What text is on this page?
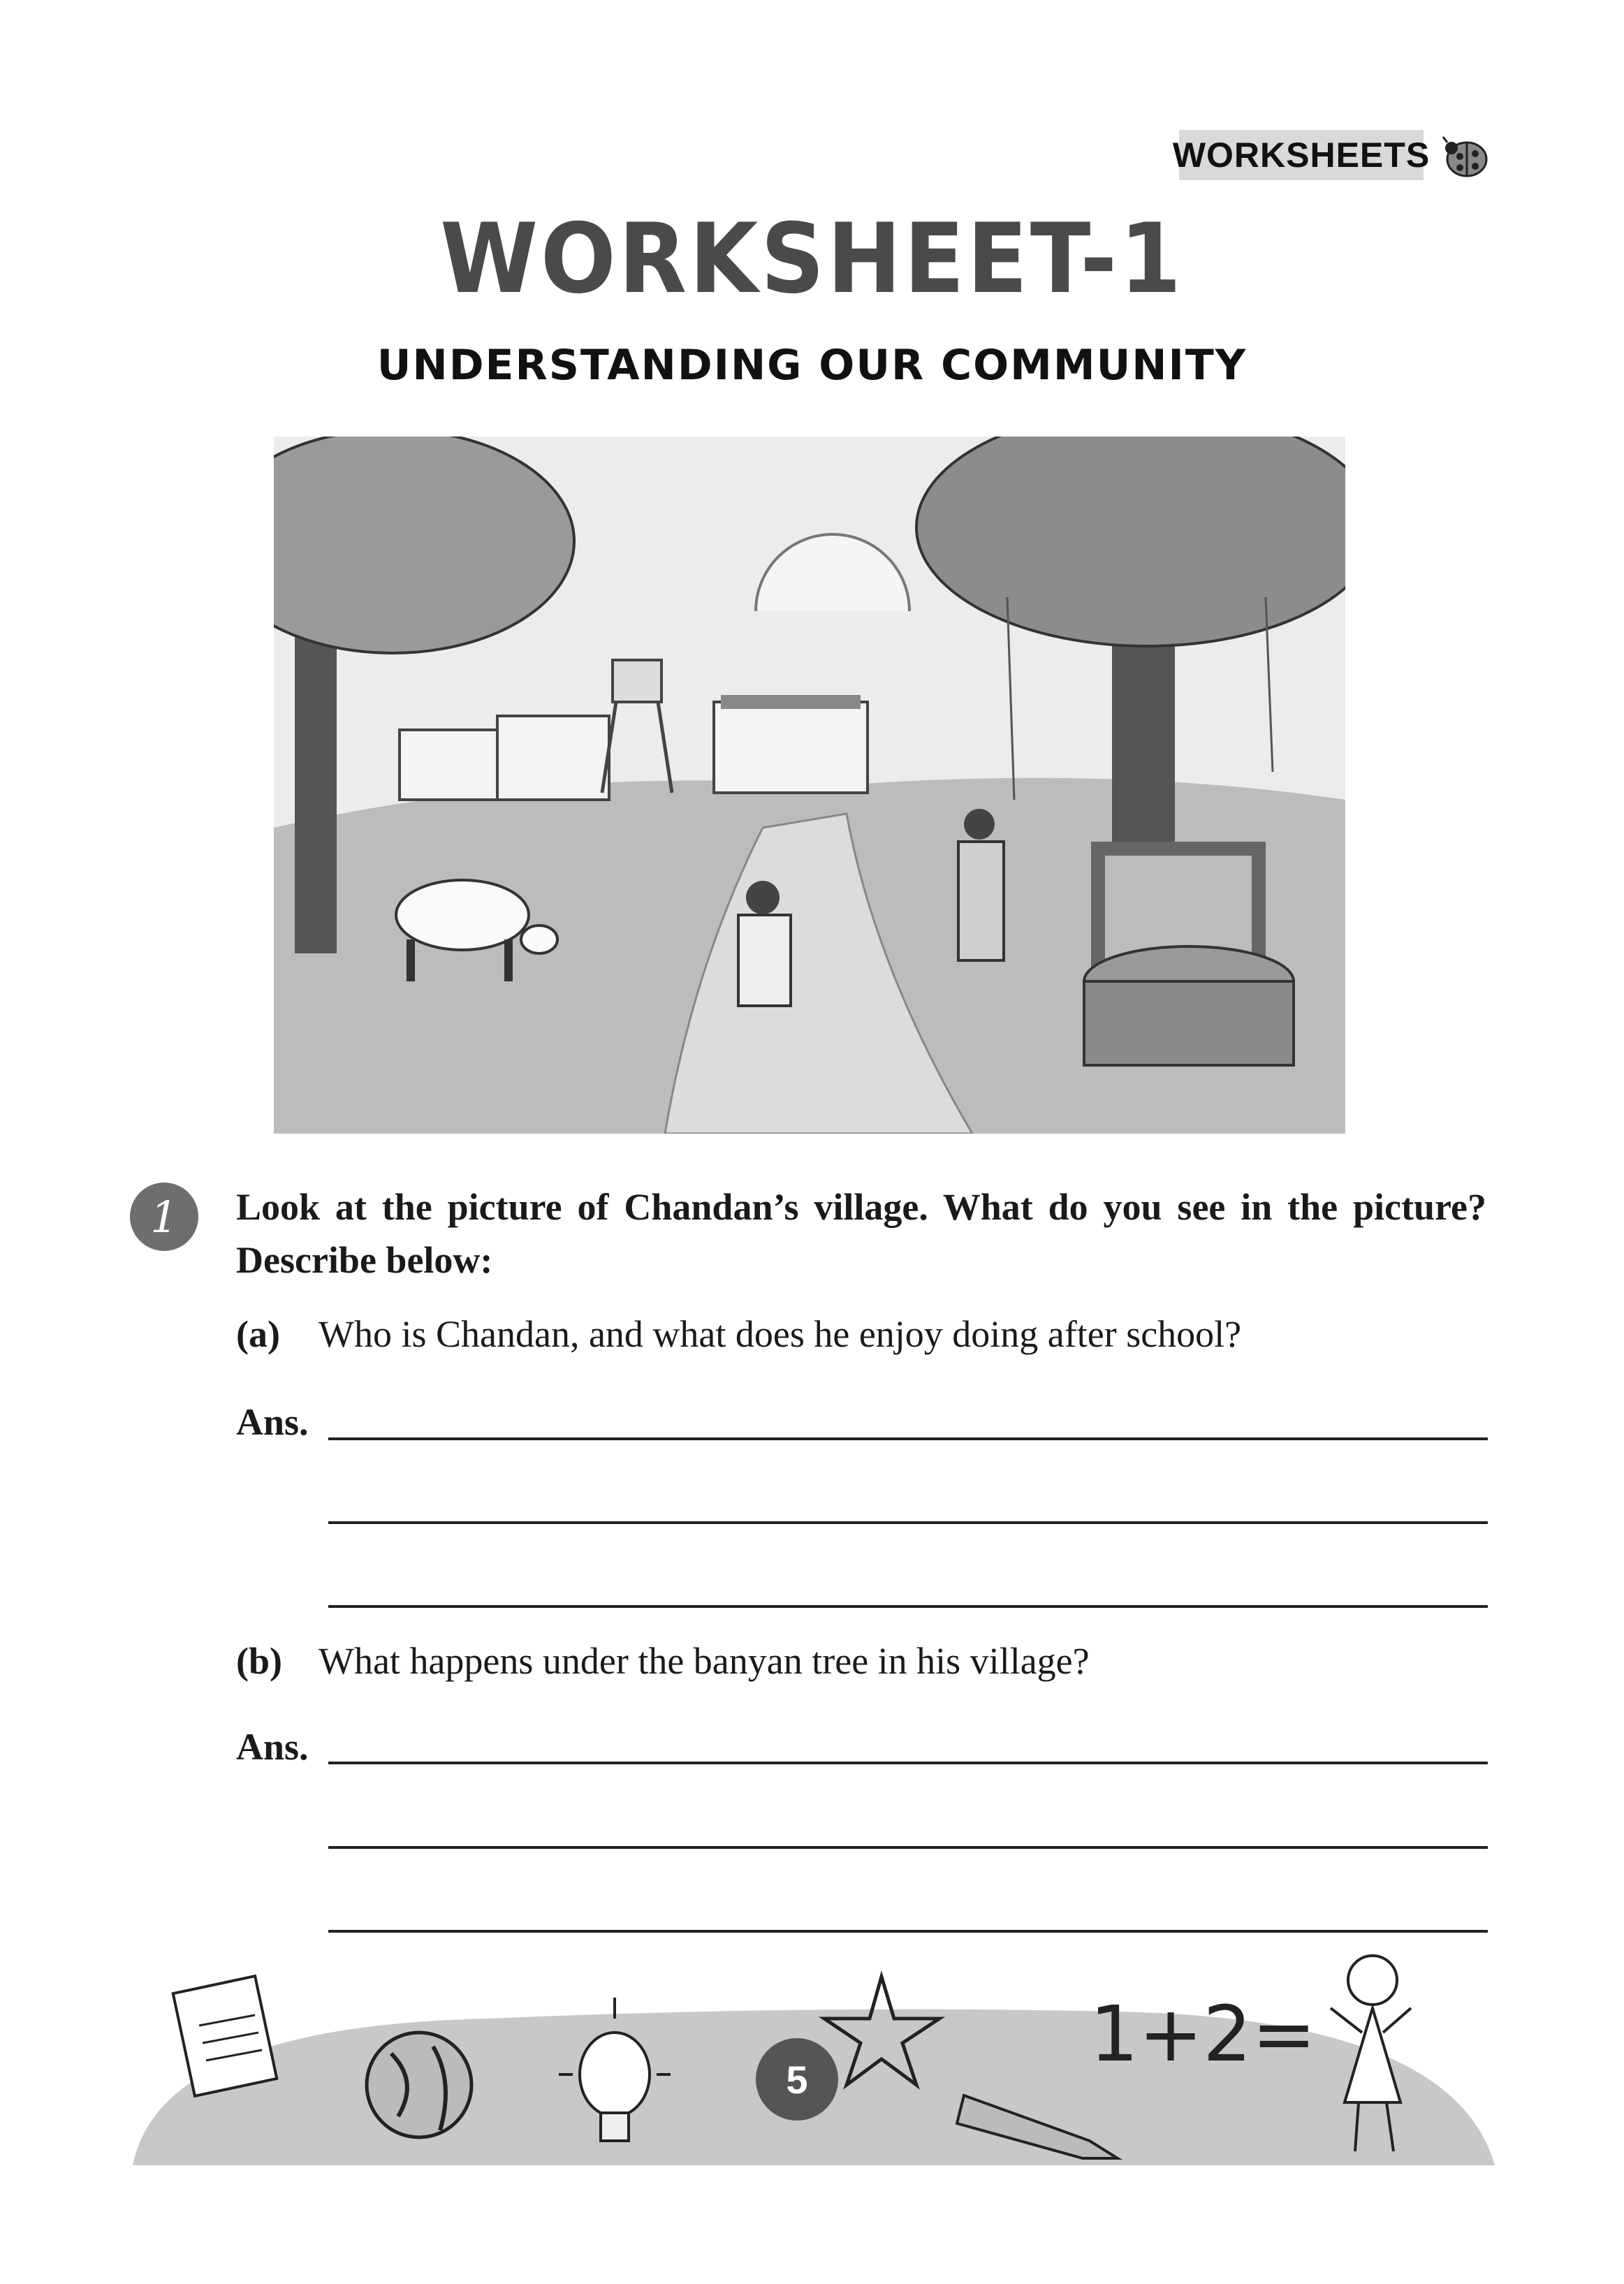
WORKSHEETS
WORKSHEET-1
UNDERSTANDING OUR COMMUNITY
1 Look at the picture of Chandan’s village. What do you see in the picture? Describe below:
(a) Who is Chandan, and what does he enjoy doing after school?
Ans.
(b) What happens under the banyan tree in his village?
Ans.
1+2=
5
